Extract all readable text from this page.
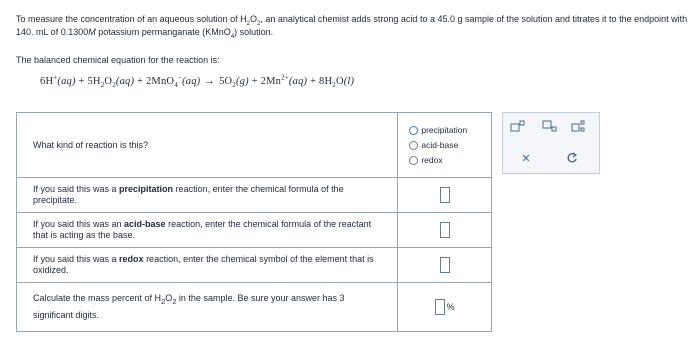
To measure the concentration of an aqueous solution of $H_2O_2$, an analytical chemist adds strong acid to a 45.0 g sample of the solution and titrates it to the endpoint with 140. mL of 0.1300M potassium permanganate (KMnO$_4$) solution.
The balanced chemical equation for the reaction is:
$6H^+(aq) + 5H_2O_2(aq) + 2MnO_4^-(aq) \to 5O_2(g) + 2Mn^{2+}(aq) + 8H_2O(l)$
What kind of reaction is this?	precipitation
acid-base
redox

If you said this was a precipitation reaction, enter the chemical formula of the precipitate.	
If you said this was an acid-base reaction, enter the chemical formula of the reactant that is acting as the base.	
If you said this was a redox reaction, enter the chemical symbol of the element that is oxidized.	
Calculate the mass percent of $H_2O_2$ in the sample. Be sure your answer has 3 significant digits.	%
✕
